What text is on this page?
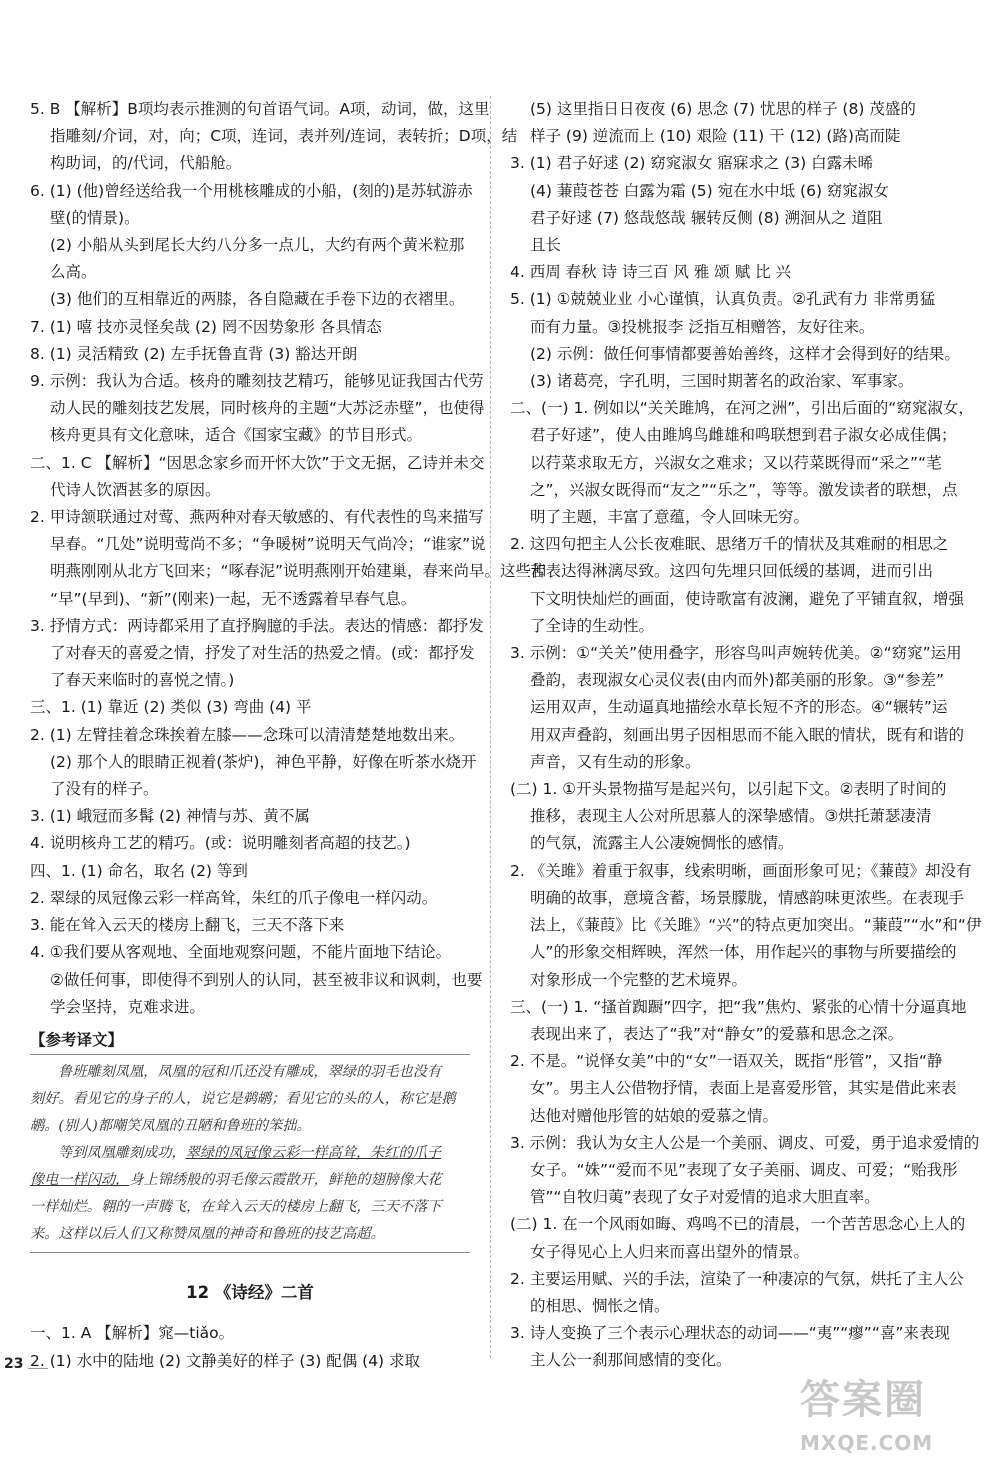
5. B 【解析】B项均表示推测的句首语气词。A项，动词，做，这里
指雕刻/介词，对，向；C项，连词，表并列/连词，表转折；D项，结
构助词，的/代词，代船舱。
6. (1) (他)曾经送给我一个用桃核雕成的小船，(刻的)是苏轼游赤
壁(的情景)。
(2) 小船从头到尾长大约八分多一点儿，大约有两个黄米粒那
么高。
(3) 他们的互相靠近的两膝，各自隐藏在手卷下边的衣褶里。
7. (1) 嘻 技亦灵怪矣哉 (2) 罔不因势象形 各具情态
8. (1) 灵活精致 (2) 左手抚鲁直背 (3) 豁达开朗
9. 示例：我认为合适。核舟的雕刻技艺精巧，能够见证我国古代劳
动人民的雕刻技艺发展，同时核舟的主题“大苏泛赤壁”，也使得
核舟更具有文化意味，适合《国家宝藏》的节目形式。
二、1. C 【解析】“因思念家乡而开怀大饮”于文无据，乙诗并未交
代诗人饮酒甚多的原因。
2. 甲诗颔联通过对莺、燕两种对春天敏感的、有代表性的鸟来描写
早春。“几处”说明莺尚不多；“争暖树”说明天气尚冷；“谁家”说
明燕刚刚从北方飞回来；“啄春泥”说明燕刚开始建巢，春来尚早。这些和
“早”(早到)、“新”(刚来)一起，无不透露着早春气息。
3. 抒情方式：两诗都采用了直抒胸臆的手法。表达的情感：都抒发
了对春天的喜爱之情，抒发了对生活的热爱之情。(或：都抒发
了春天来临时的喜悦之情。)
三、1. (1) 靠近 (2) 类似 (3) 弯曲 (4) 平
2. (1) 左臂挂着念珠挨着左膝——念珠可以清清楚楚地数出来。
(2) 那个人的眼睛正视着(茶炉)，神色平静，好像在听茶水烧开
了没有的样子。
3. (1) 峨冠而多髯 (2) 神情与苏、黄不属
4. 说明核舟工艺的精巧。(或：说明雕刻者高超的技艺。)
四、1. (1) 命名，取名 (2) 等到
2. 翠绿的凤冠像云彩一样高耸，朱红的爪子像电一样闪动。
3. 能在耸入云天的楼房上翻飞，三天不落下来
4. ①我们要从客观地、全面地观察问题，不能片面地下结论。
②做任何事，即使得不到别人的认同，甚至被非议和讽刺，也要
学会坚持，克难求进。
【参考译文】
鲁班雕刻凤凰，凤凰的冠和爪还没有雕成，翠绿的羽毛也没有
刻好。看见它的身子的人，说它是鹈鹕；看见它的头的人，称它是鹅
鹕。(别人)都嘲笑凤凰的丑陋和鲁班的笨拙。
等到凤凰雕刻成功，翠绿的凤冠像云彩一样高耸，朱红的爪子
像电一样闪动，身上锦绣般的羽毛像云霞散开，鲜艳的翅膀像大花
一样灿烂。翱的一声腾飞，在耸入云天的楼房上翻飞，三天不落下
来。这样以后人们又称赞凤凰的神奇和鲁班的技艺高超。
12 《诗经》二首
一、1. A 【解析】窕—tiǎo。
2. (1) 水中的陆地 (2) 文静美好的样子 (3) 配偶 (4) 求取
(5) 这里指日日夜夜 (6) 思念 (7) 忧思的样子 (8) 茂盛的
样子 (9) 逆流而上 (10) 艰险 (11) 干 (12) (路)高而陡
3. (1) 君子好逑 (2) 窈窕淑女 寤寐求之 (3) 白露未晞
(4) 蒹葭苍苍 白露为霜 (5) 宛在水中坻 (6) 窈窕淑女
君子好逑 (7) 悠哉悠哉 辗转反侧 (8) 溯洄从之 道阻
且长
4. 西周 春秋 诗 诗三百 风 雅 颂 赋 比 兴
5. (1) ①兢兢业业 小心谨慎，认真负责。②孔武有力 非常勇猛
而有力量。③投桃报李 泛指互相赠答，友好往来。
(2) 示例：做任何事情都要善始善终，这样才会得到好的结果。
(3) 诸葛亮，字孔明，三国时期著名的政治家、军事家。
二、(一) 1. 例如以“关关雎鸠，在河之洲”，引出后面的“窈窕淑女，
君子好逑”，使人由雎鸠鸟雌雄和鸣联想到君子淑女必成佳偶；
以荇菜求取无方，兴淑女之难求；又以荇菜既得而“采之”“芼
之”，兴淑女既得而“友之”“乐之”，等等。激发读者的联想，点
明了主题，丰富了意蕴，令人回味无穷。
2. 这四句把主人公长夜难眠、思绪万千的情状及其难耐的相思之
苦表达得淋漓尽致。这四句先埋只回低缓的基调，进而引出
下文明快灿烂的画面，使诗歌富有波澜，避免了平铺直叙，增强
了全诗的生动性。
3. 示例：①“关关”使用叠字，形容鸟叫声婉转优美。②“窈窕”运用
叠韵，表现淑女心灵仪表(由内而外)都美丽的形象。③“参差”
运用双声，生动逼真地描绘水草长短不齐的形态。④“辗转”运
用双声叠韵，刻画出男子因相思而不能入眠的情状，既有和谐的
声音，又有生动的形象。
(二) 1. ①开头景物描写是起兴句，以引起下文。②表明了时间的
推移，表现主人公对所思慕人的深挚感情。③烘托萧瑟凄清
的气氛，流露主人公凄婉惆怅的感情。
2. 《关雎》着重于叙事，线索明晰，画面形象可见；《蒹葭》却没有
明确的故事，意境含蓄，场景朦胧，情感韵味更浓些。在表现手
法上，《蒹葭》比《关雎》“兴”的特点更加突出。“蒹葭”“水”和“伊
人”的形象交相辉映，浑然一体，用作起兴的事物与所要描绘的
对象形成一个完整的艺术境界。
三、(一) 1. “搔首踟蹰”四字，把“我”焦灼、紧张的心情十分逼真地
表现出来了，表达了“我”对“静女”的爱慕和思念之深。
2. 不是。“说怿女美”中的“女”一语双关，既指“彤管”，又指“静
女”。男主人公借物抒情，表面上是喜爱彤管，其实是借此来表
达他对赠他彤管的姑娘的爱慕之情。
3. 示例：我认为女主人公是一个美丽、调皮、可爱，勇于追求爱情的
女子。“姝”“爱而不见”表现了女子美丽、调皮、可爱；“贻我彤
管”“自牧归荑”表现了女子对爱情的追求大胆直率。
(二) 1. 在一个风雨如晦、鸡鸣不已的清晨，一个苦苦思念心上人的
女子得见心上人归来而喜出望外的情景。
2. 主要运用赋、兴的手法，渲染了一种凄凉的气氛，烘托了主人公
的相思、惆怅之情。
3. 诗人变换了三个表示心理状态的动词——“夷”“瘳”“喜”来表现
主人公一刹那间感情的变化。
23
答案圈
MXQE.COM
